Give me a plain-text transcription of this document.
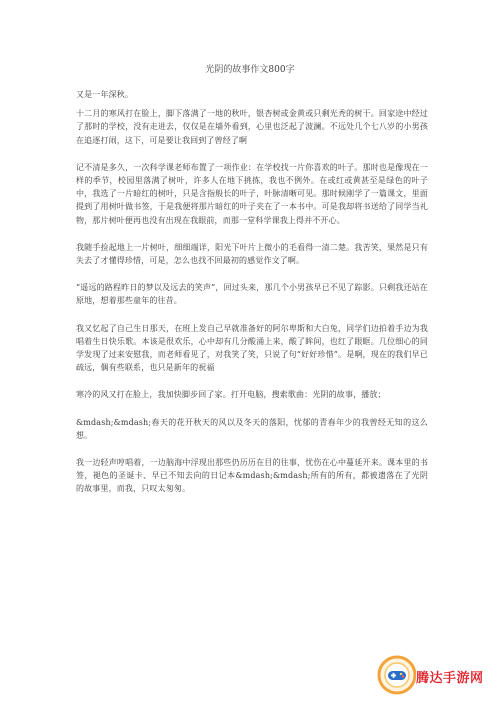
光阴的故事作文800字

又是一年深秋。

十二月的寒风打在脸上，脚下落满了一地的秋叶，银杏树或金黄或只剩光秃的树干。回家途中经过了那时的学校，没有走进去，仅仅是在墙外看到，心里也泛起了波澜。不远处几个七八岁的小男孩在追逐打闹，这下，可是要让我回到了曾经了啊

记不清是多久，一次科学课老师布置了一项作业：在学校找一片你喜欢的叶子。那时也是像现在一样的季节，校园里落满了树叶，许多人在地下挑拣，我也不例外。在或红或黄甚至是绿色的叶子中，我选了一片暗红的树叶，只是含指般长的叶子，叶脉清晰可见。那时候刚学了一篇课文，里面提到了用树叶做书签，于是我便将那片暗红的叶子夹在了一本书中。可是我却将书送给了同学当礼物，那片树叶便再也没有出现在我眼前，而那一堂科学课我上得并不开心。

我随手捡起地上一片树叶，细细端详，阳光下叶片上微小的毛看得一清二楚。我苦笑，果然是只有失去了才懂得珍惜，可是，怎么也找不回最初的感觉作文了啊。

“遥远的路程昨日的梦以及远去的笑声”，回过头来，那几个小男孩早已不见了踪影。只剩我还站在原地，想着那些童年的往昔。

我又忆起了自己生日那天，在班上发自己早就准备好的阿尔卑斯和大白兔，同学们边拍着手边为我唱着生日快乐歌。本该是很欢乐，心中却有几分酸涌上来，酸了眸间，也红了眼眶。几位细心的同学发现了过来安慰我，而老师看见了，对我笑了笑，只说了句“好好珍惜”。是啊，现在的我们早已疏远，偶有些联系，也只是新年的祝福

寒冷的风又打在脸上，我加快脚步回了家。打开电脑，搜索歌曲：光阴的故事，播放；

&mdash;&mdash;春天的花开秋天的风以及冬天的落阳，忧郁的青春年少的我曾经无知的这么想。

我一边轻声哼唱着，一边脑海中浮现出那些仍历历在目的往事，忧伤在心中蔓延开来。课本里的书签，褪色的圣诞卡、早已不知去向的日记本&mdash;&mdash;所有的所有，都被遗落在了光阴的故事里，而我，只叹太匆匆。

腾达手游网
